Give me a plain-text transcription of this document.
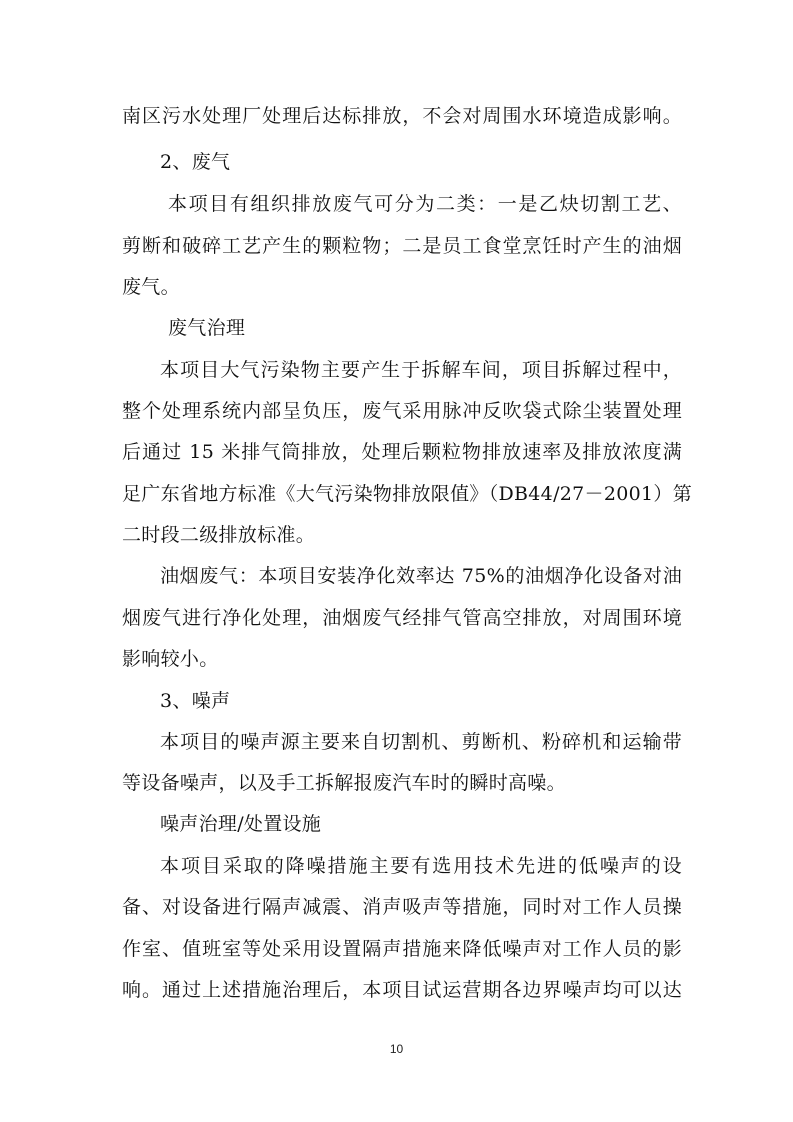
南区污水处理厂处理后达标排放，不会对周围水环境造成影响。
2、废气
本项目有组织排放废气可分为二类：一是乙炔切割工艺、
剪断和破碎工艺产生的颗粒物；二是员工食堂烹饪时产生的油烟
废气。
废气治理
本项目大气污染物主要产生于拆解车间，项目拆解过程中，
整个处理系统内部呈负压，废气采用脉冲反吹袋式除尘装置处理
后通过 15 米排气筒排放，处理后颗粒物排放速率及排放浓度满
足广东省地方标准《大气污染物排放限值》（DB44/27－2001）第
二时段二级排放标准。
油烟废气：本项目安装净化效率达 75%的油烟净化设备对油
烟废气进行净化处理，油烟废气经排气管高空排放，对周围环境
影响较小。
3、噪声
本项目的噪声源主要来自切割机、剪断机、粉碎机和运输带
等设备噪声，以及手工拆解报废汽车时的瞬时高噪。
噪声治理/处置设施
本项目采取的降噪措施主要有选用技术先进的低噪声的设
备、对设备进行隔声减震、消声吸声等措施，同时对工作人员操
作室、值班室等处采用设置隔声措施来降低噪声对工作人员的影
响。通过上述措施治理后，本项目试运营期各边界噪声均可以达
10
